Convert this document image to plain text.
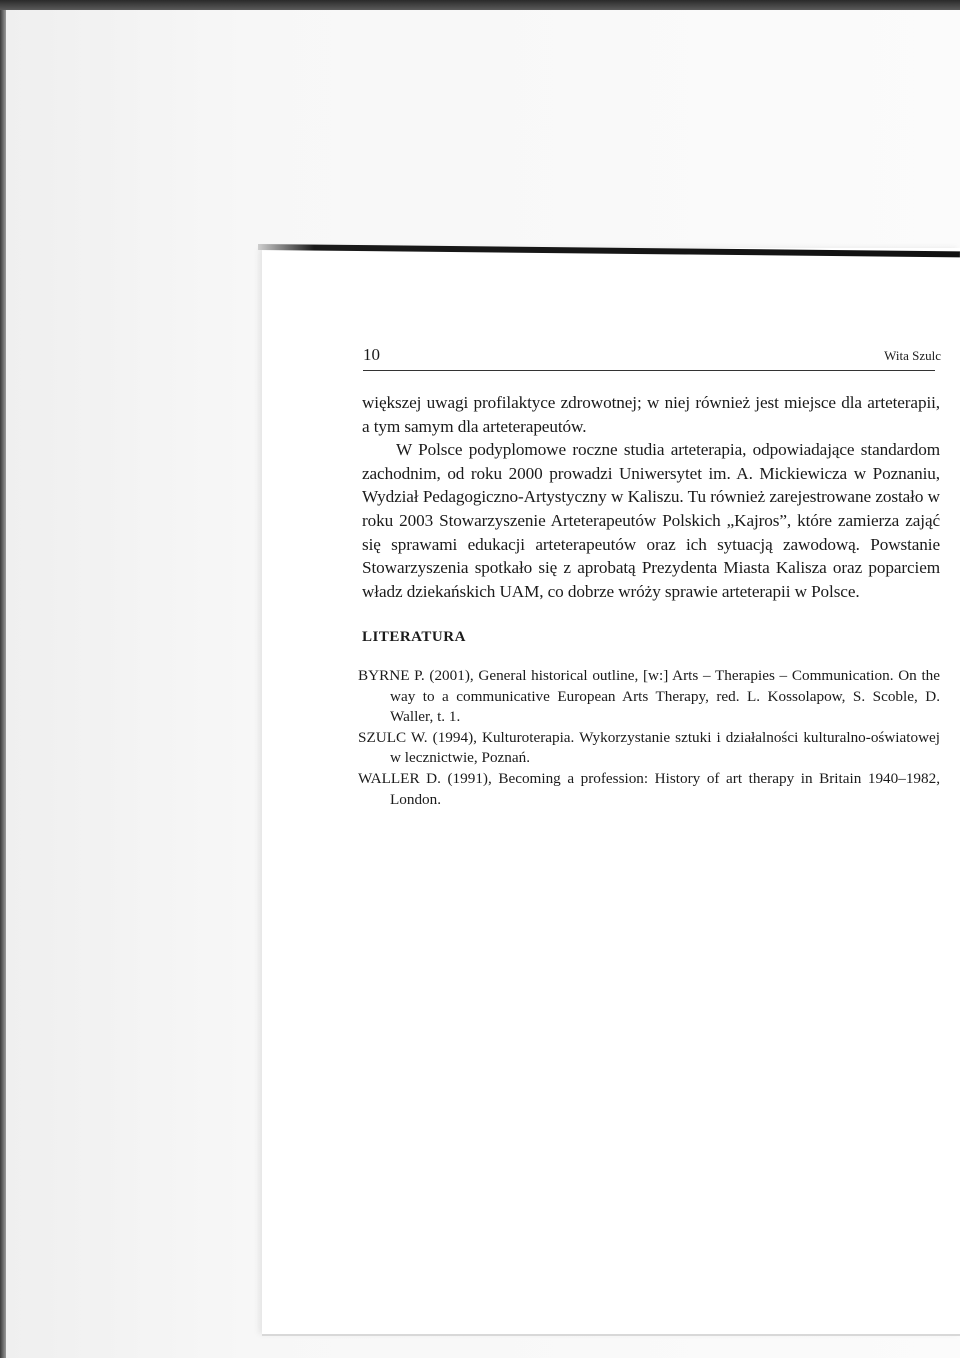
10	Wita Szulc

większej uwagi profilaktyce zdrowotnej; w niej również jest miejsce dla arteterapii, a tym samym dla arteterapeutów.

W Polsce podyplomowe roczne studia arteterapia, odpowiadające standardom zachodnim, od roku 2000 prowadzi Uniwersytet im. A. Mickiewicza w Poznaniu, Wydział Pedagogiczno-Artystyczny w Kaliszu. Tu również zarejestrowane zostało w roku 2003 Stowarzyszenie Arteterapeutów Polskich „Kajros”, które zamierza zająć się sprawami edukacji arteterapeutów oraz ich sytuacją zawodową. Powstanie Stowarzyszenia spotkało się z aprobatą Prezydenta Miasta Kalisza oraz poparciem władz dziekańskich UAM, co dobrze wróży sprawie arteterapii w Polsce.

LITERATURA

BYRNE P. (2001), General historical outline, [w:] Arts – Therapies – Communication. On the way to a communicative European Arts Therapy, red. L. Kossolapow, S. Scoble, D. Waller, t. 1.

SZULC W. (1994), Kulturoterapia. Wykorzystanie sztuki i działalności kulturalno-oświatowej w lecznictwie, Poznań.

WALLER D. (1991), Becoming a profession: History of art therapy in Britain 1940–1982, London.
